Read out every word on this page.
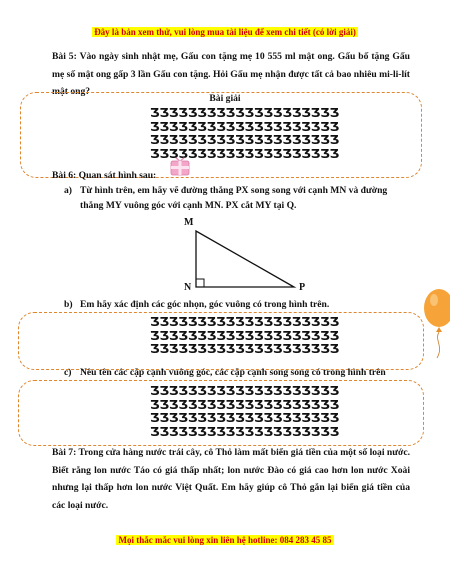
Đây là bản xem thử, vui lòng mua tài liệu để xem chi tiết (có lời giải)
Bài 5: Vào ngày sinh nhật mẹ, Gấu con tặng mẹ 10 555 ml mật ong. Gấu bố tặng Gấu mẹ số mật ong gấp 3 lần Gấu con tặng. Hỏi Gấu mẹ nhận được tất cả bao nhiêu mi-li-lít mật ong?
Bài giải
ƷƷƷƷƷƷƷƷƷƷƷƷƷƷƷƷƷƷƷƷ
ƷƷƷƷƷƷƷƷƷƷƷƷƷƷƷƷƷƷƷƷ
ƷƷƷƷƷƷƷƷƷƷƷƷƷƷƷƷƷƷƷƷ
ƷƷƷƷƷƷƷƷƷƷƷƷƷƷƷƷƷƷƷƷ
Bài 6: Quan sát hình sau:
a) Từ hình trên, em hãy vẽ đường thẳng PX song song với cạnh MN và đường thẳng MY vuông góc với cạnh MN. PX cắt MY tại Q.
M
N	P
b) Em hãy xác định các góc nhọn, góc vuông có trong hình trên.
ƷƷƷƷƷƷƷƷƷƷƷƷƷƷƷƷƷƷƷƷ
ƷƷƷƷƷƷƷƷƷƷƷƷƷƷƷƷƷƷƷƷ
ƷƷƷƷƷƷƷƷƷƷƷƷƷƷƷƷƷƷƷƷ
c) Nêu tên các cặp cạnh vuông góc, các cặp cạnh song song có trong hình trên
ƷƷƷƷƷƷƷƷƷƷƷƷƷƷƷƷƷƷƷƷ
ƷƷƷƷƷƷƷƷƷƷƷƷƷƷƷƷƷƷƷƷ
ƷƷƷƷƷƷƷƷƷƷƷƷƷƷƷƷƷƷƷƷ
ƷƷƷƷƷƷƷƷƷƷƷƷƷƷƷƷƷƷƷƷ
Bài 7: Trong cửa hàng nước trái cây, cô Thỏ làm mất biển giá tiền của một số loại nước. Biết rằng lon nước Táo có giá thấp nhất; lon nước Đào có giá cao hơn lon nước Xoài nhưng lại thấp hơn lon nước Việt Quất. Em hãy giúp cô Thỏ gắn lại biển giá tiền của các loại nước.
Mọi thắc mắc vui lòng xin liên hệ hotline: 084 283 45 85
